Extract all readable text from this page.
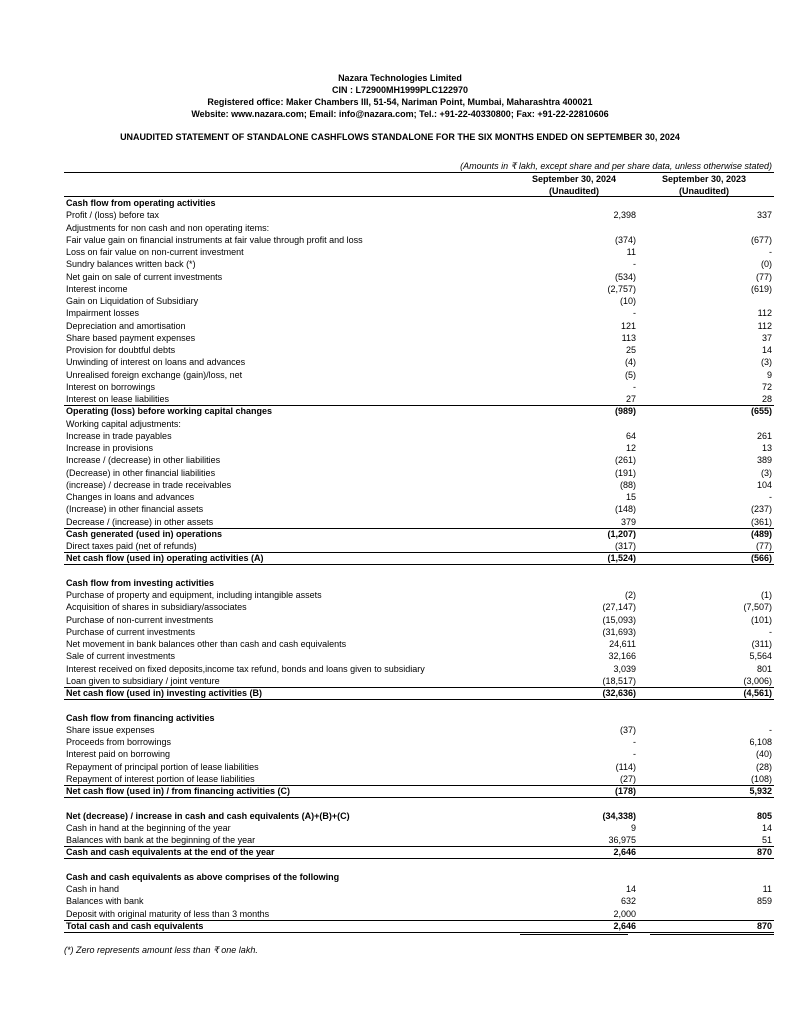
Nazara Technologies Limited
CIN : L72900MH1999PLC122970
Registered office: Maker Chambers III, 51-54, Nariman Point, Mumbai, Maharashtra 400021
Website: www.nazara.com; Email: info@nazara.com; Tel.: +91-22-40330800; Fax: +91-22-22810606
UNAUDITED STATEMENT OF STANDALONE CASHFLOWS STANDALONE FOR THE SIX MONTHS ENDED ON SEPTEMBER 30, 2024
(Amounts in ₹ lakh, except share and per share data, unless otherwise stated)
September 30, 2024
(Unaudited)
September 30, 2023
(Unaudited)
Cash flow from operating activities
Profit / (loss) before tax	2,398	337
Adjustments for non cash and non operating items:
Fair value gain on financial instruments at fair value through profit and loss	(374)	(677)
Loss on fair value on non-current investment	11	-
Sundry balances written back (*)	-	(0)
Net gain on sale of current investments	(534)	(77)
Interest income	(2,757)	(619)
Gain on Liquidation of Subsidiary	(10)
Impairment losses	-	112
Depreciation and amortisation	121	112
Share based payment expenses	113	37
Provision for doubtful debts	25	14
Unwinding of interest on loans and advances	(4)	(3)
Unrealised foreign exchange (gain)/loss, net	(5)	9
Interest on borrowings	-	72
Interest on lease liabilities	27	28
Operating (loss) before working capital changes	(989)	(655)
Working capital adjustments:
Increase in trade payables	64	261
Increase in provisions	12	13
Increase / (decrease) in other liabilities	(261)	389
(Decrease) in other financial liabilities	(191)	(3)
(increase) / decrease in trade receivables	(88)	104
Changes in loans and advances	15	-
(Increase) in other financial assets	(148)	(237)
Decrease / (increase) in other assets	379	(361)
Cash generated (used in) operations	(1,207)	(489)
Direct taxes paid (net of refunds)	(317)	(77)
Net cash flow (used in) operating activities (A)	(1,524)	(566)
Cash flow from investing activities
Purchase of property and equipment, including intangible assets	(2)	(1)
Acquisition of shares in subsidiary/associates	(27,147)	(7,507)
Purchase of non-current investments	(15,093)	(101)
Purchase of current investments	(31,693)	-
Net movement in bank balances other than cash and cash equivalents	24,611	(311)
Sale of current investments	32,166	5,564
Interest received on fixed deposits,income tax refund, bonds and loans given to subsidiary	3,039	801
Loan given to subsidiary / joint venture	(18,517)	(3,006)
Net cash flow (used in) investing activities (B)	(32,636)	(4,561)
Cash flow from financing activities
Share issue expenses	(37)	-
Proceeds from borrowings	-	6,108
Interest paid on borrowing	-	(40)
Repayment of principal portion of lease liabilities	(114)	(28)
Repayment of interest portion of lease liabilities	(27)	(108)
Net cash flow (used in) / from financing activities (C)	(178)	5,932
Net (decrease) / increase in cash and cash equivalents (A)+(B)+(C)	(34,338)	805
Cash in hand at the beginning of the year	9	14
Balances with bank at the beginning of the year	36,975	51
Cash and cash equivalents at the end of the year	2,646	870
Cash and cash equivalents as above comprises of the following
Cash in hand	14	11
Balances with bank	632	859
Deposit with original maturity of less than 3 months	2,000
Total cash and cash equivalents	2,646	870
(*) Zero represents amount less than ₹ one lakh.
